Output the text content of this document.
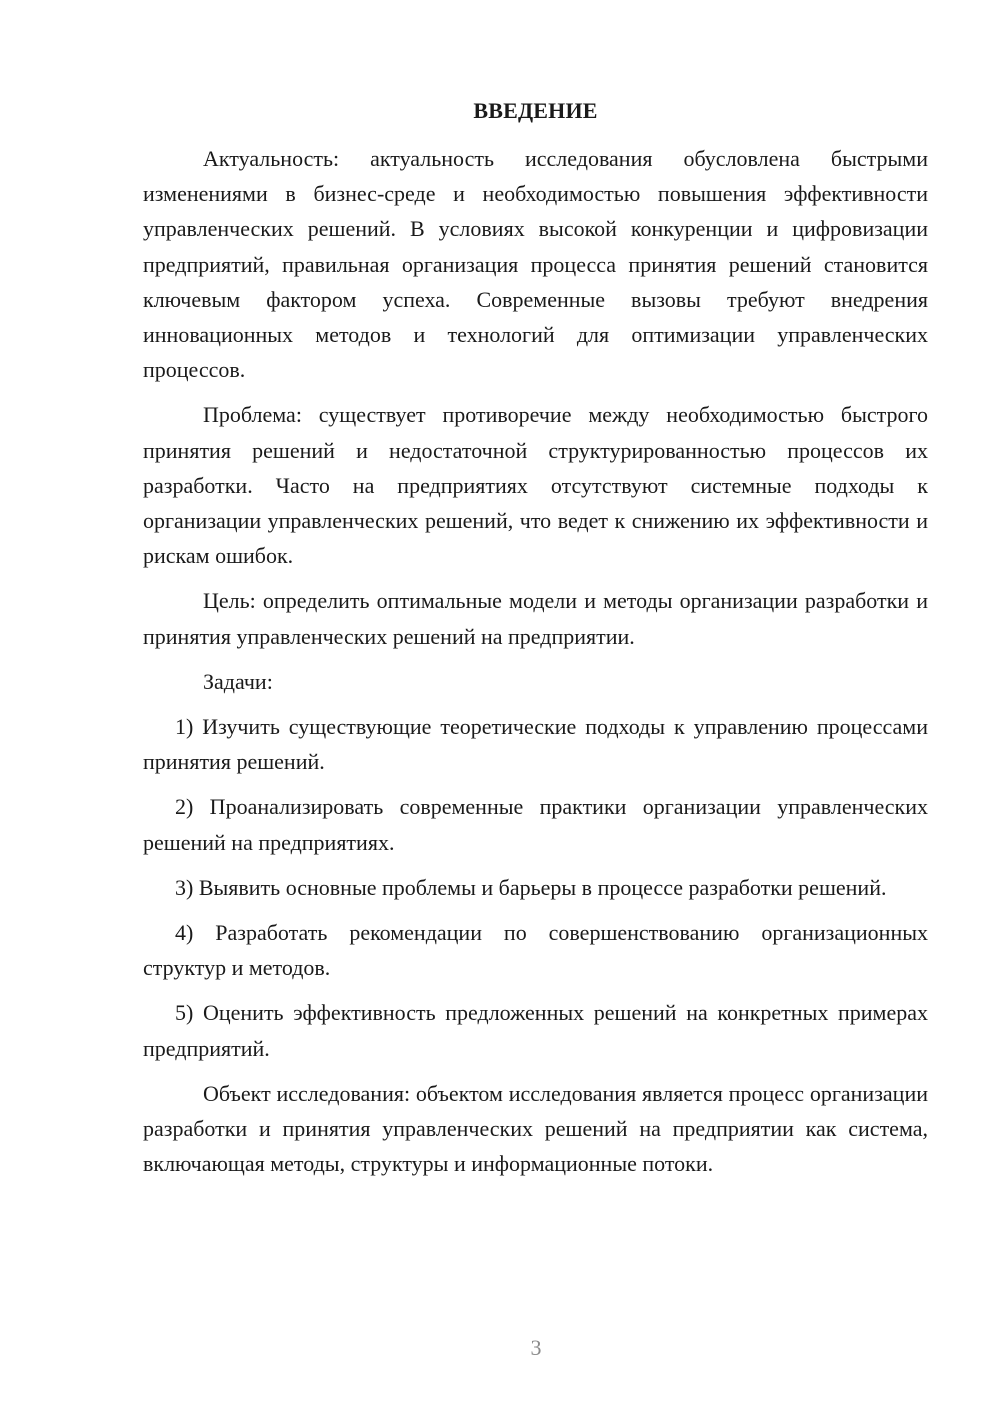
ВВЕДЕНИЕ

Актуальность: актуальность исследования обусловлена быстрыми изменениями в бизнес-среде и необходимостью повышения эффективности управленческих решений. В условиях высокой конкуренции и цифровизации предприятий, правильная организация процесса принятия решений становится ключевым фактором успеха. Современные вызовы требуют внедрения инновационных методов и технологий для оптимизации управленческих процессов.

Проблема: существует противоречие между необходимостью быстрого принятия решений и недостаточной структурированностью процессов их разработки. Часто на предприятиях отсутствуют системные подходы к организации управленческих решений, что ведет к снижению их эффективности и рискам ошибок.

Цель: определить оптимальные модели и методы организации разработки и принятия управленческих решений на предприятии.

Задачи:

1) Изучить существующие теоретические подходы к управлению процессами принятия решений.

2) Проанализировать современные практики организации управленческих решений на предприятиях.

3) Выявить основные проблемы и барьеры в процессе разработки решений.

4) Разработать рекомендации по совершенствованию организационных структур и методов.

5) Оценить эффективность предложенных решений на конкретных примерах предприятий.

Объект исследования: объектом исследования является процесс организации разработки и принятия управленческих решений на предприятии как система, включающая методы, структуры и информационные потоки.

3
